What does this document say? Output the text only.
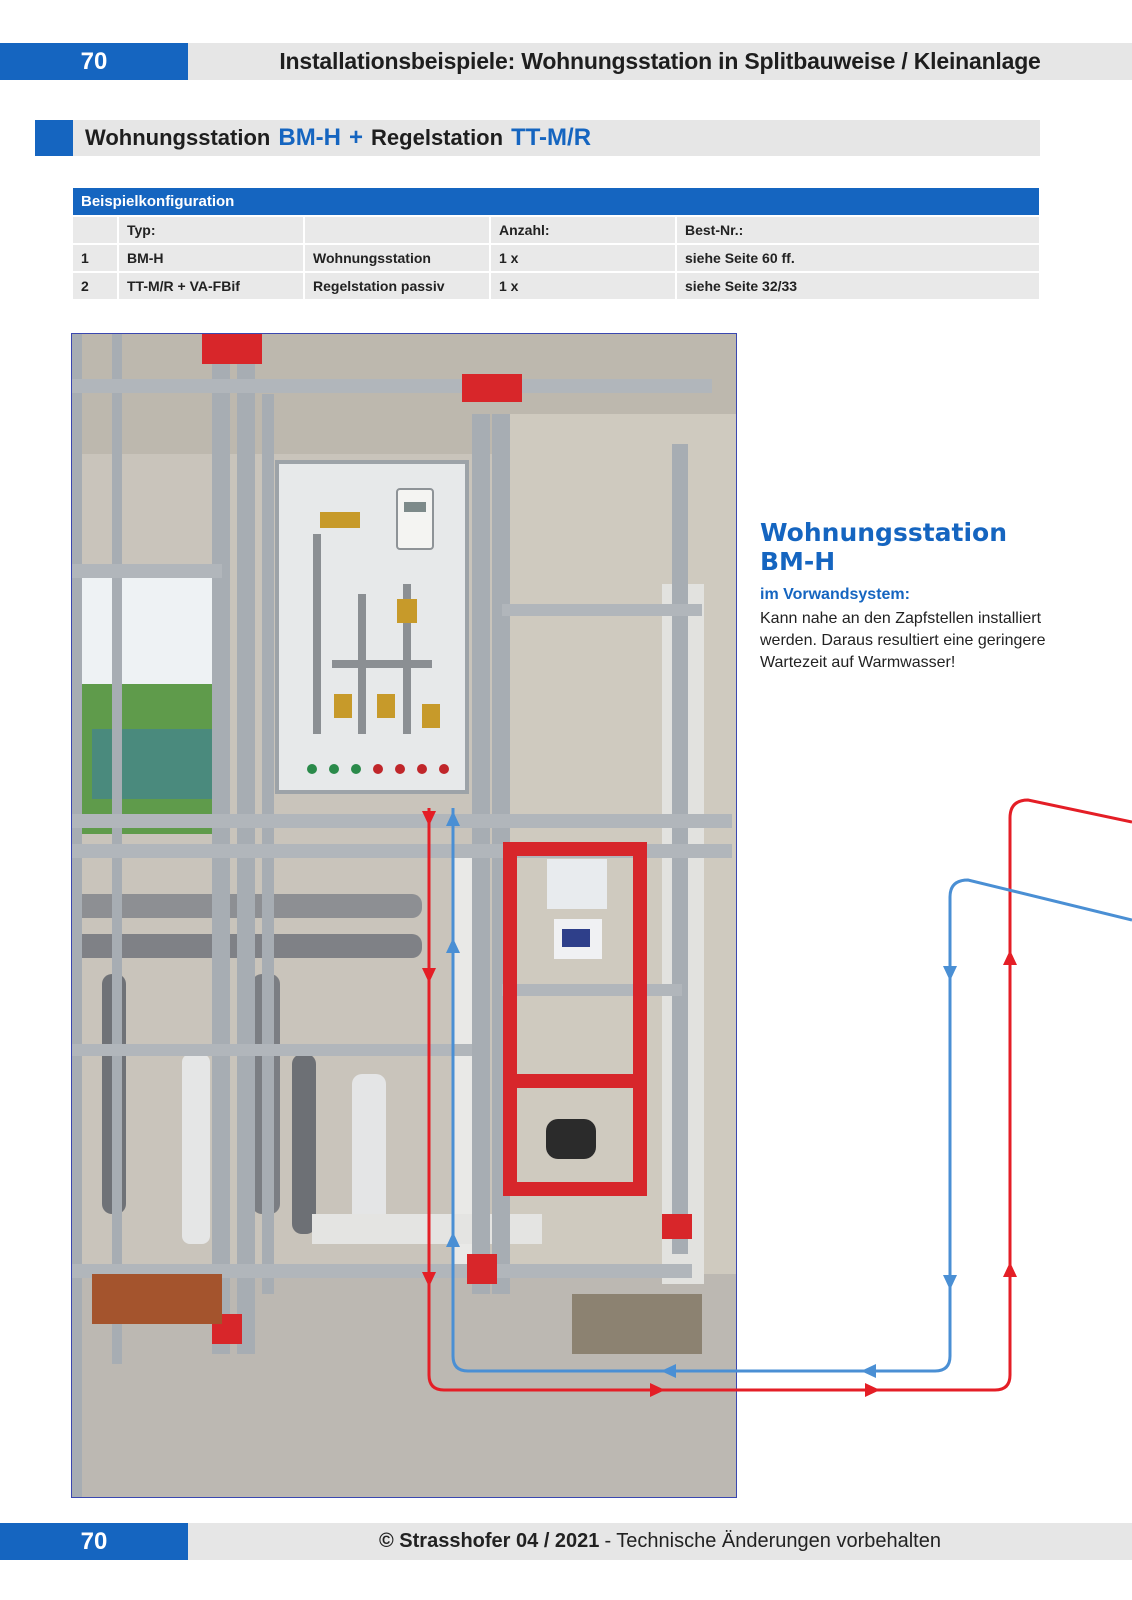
70	Installationsbeispiele: Wohnungsstation in Splitbauweise / Kleinanlage
Wohnungsstation BM-H + Regelstation TT-M/R
Beispielkonfiguration				
	Typ:		Anzahl:	Best-Nr.:
1	BM-H	Wohnungsstation	1 x	siehe Seite 60 ff.
2	TT-M/R + VA-FBif	Regelstation passiv	1 x	siehe Seite 32/33
Wohnungsstation
BM-H
im Vorwandsystem:
Kann nahe an den Zapfstellen installiert werden. Daraus resultiert eine geringere Wartezeit auf Warmwasser!
70	© Strasshofer 04 / 2021 - Technische Änderungen vorbehalten
